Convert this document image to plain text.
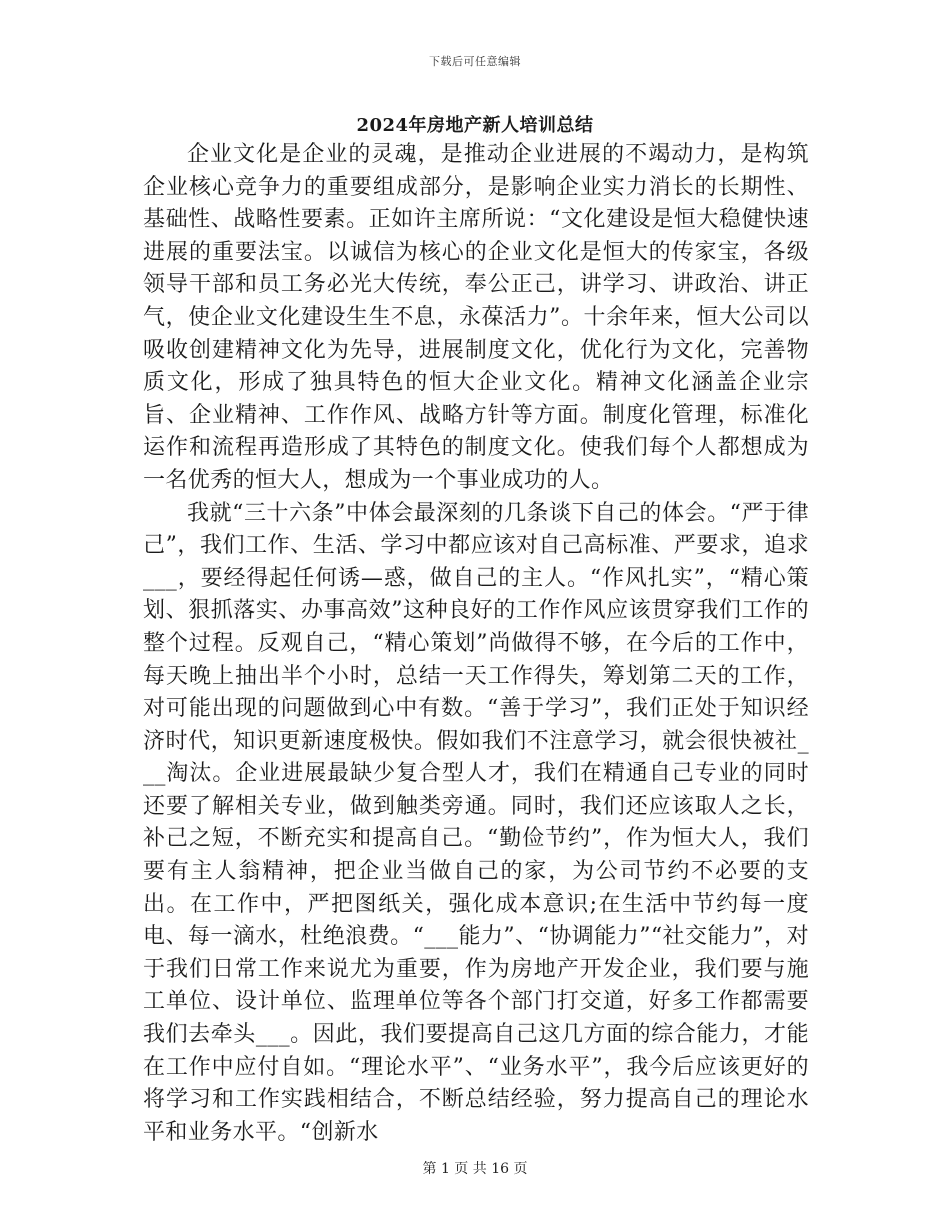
下载后可任意编辑
2024年房地产新人培训总结

企业文化是企业的灵魂，是推动企业进展的不竭动力，是构筑企业核心竞争力的重要组成部分，是影响企业实力消长的长期性、基础性、战略性要素。正如许主席所说：“文化建设是恒大稳健快速进展的重要法宝。以诚信为核心的企业文化是恒大的传家宝，各级领导干部和员工务必光大传统，奉公正己，讲学习、讲政治、讲正气，使企业文化建设生生不息，永葆活力”。十余年来，恒大公司以吸收创建精神文化为先导，进展制度文化，优化行为文化，完善物质文化，形成了独具特色的恒大企业文化。精神文化涵盖企业宗旨、企业精神、工作作风、战略方针等方面。制度化管理，标准化运作和流程再造形成了其特色的制度文化。使我们每个人都想成为一名优秀的恒大人，想成为一个事业成功的人。

我就“三十六条”中体会最深刻的几条谈下自己的体会。“严于律己”，我们工作、生活、学习中都应该对自己高标准、严要求，追求___，要经得起任何诱—惑，做自己的主人。“作风扎实”，“精心策划、狠抓落实、办事高效”这种良好的工作作风应该贯穿我们工作的整个过程。反观自己，“精心策划”尚做得不够，在今后的工作中，每天晚上抽出半个小时，总结一天工作得失，筹划第二天的工作，对可能出现的问题做到心中有数。“善于学习”，我们正处于知识经济时代，知识更新速度极快。假如我们不注意学习，就会很快被社___淘汰。企业进展最缺少复合型人才，我们在精通自己专业的同时还要了解相关专业，做到触类旁通。同时，我们还应该取人之长，补己之短，不断充实和提高自己。“勤俭节约”，作为恒大人，我们要有主人翁精神，把企业当做自己的家，为公司节约不必要的支出。在工作中，严把图纸关，强化成本意识;在生活中节约每一度电、每一滴水，杜绝浪费。“___能力”、“协调能力”“社交能力”，对于我们日常工作来说尤为重要，作为房地产开发企业，我们要与施工单位、设计单位、监理单位等各个部门打交道，好多工作都需要我们去牵头___。因此，我们要提高自己这几方面的综合能力，才能在工作中应付自如。“理论水平”、“业务水平”，我今后应该更好的将学习和工作实践相结合，不断总结经验，努力提高自己的理论水平和业务水平。“创新水

第 1 页 共 16 页
